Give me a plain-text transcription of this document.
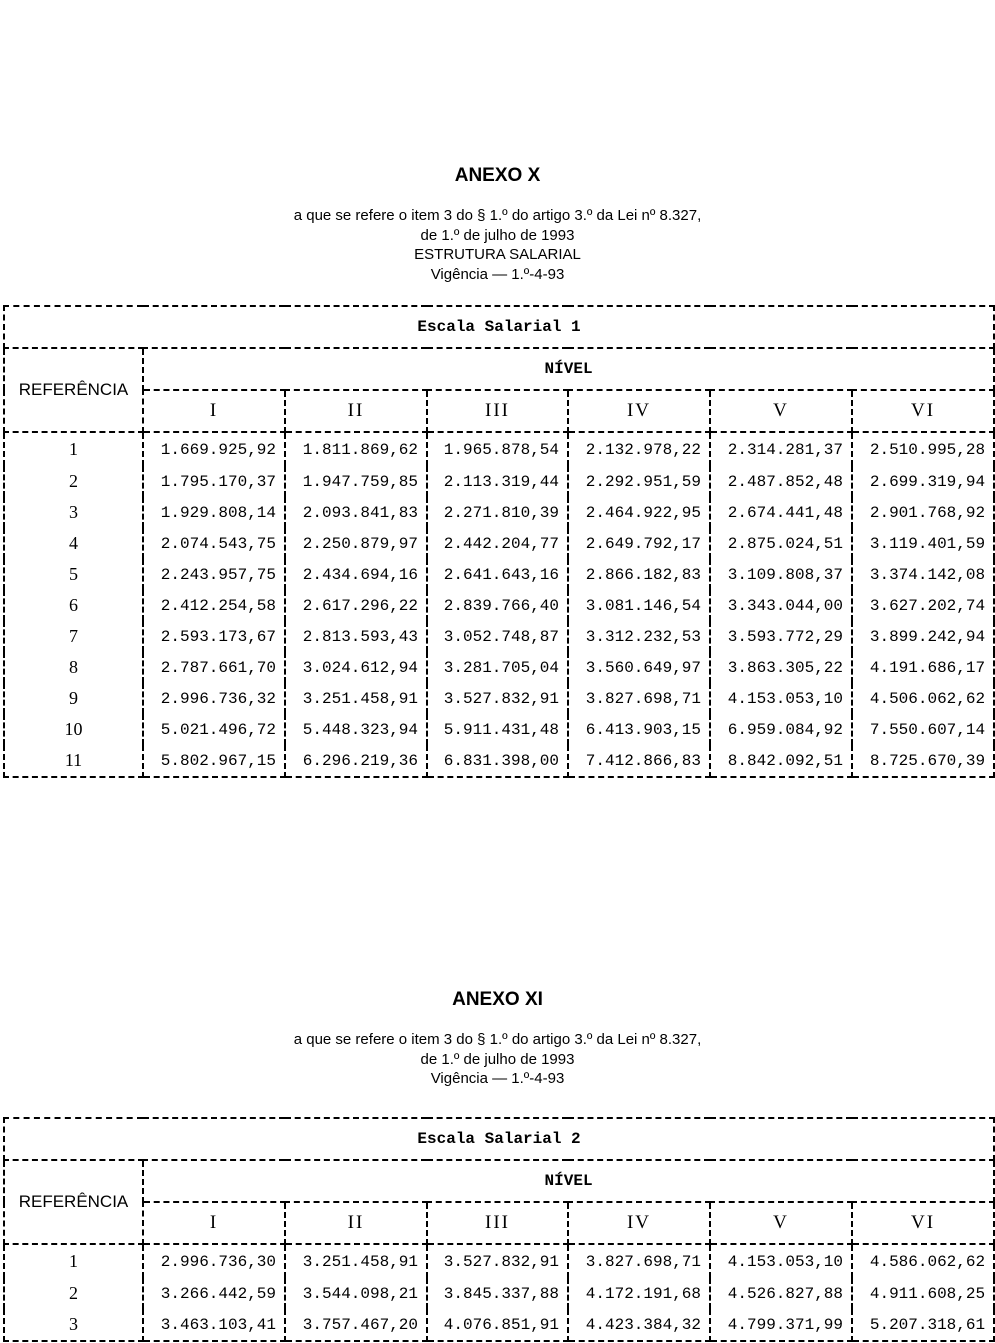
ANEXO X
a que se refere o item 3 do § 1.º do artigo 3.º da Lei nº 8.327,
de 1.º de julho de 1993
ESTRUTURA SALARIAL
Vigência — 1.º-4-93
Escala Salarial 1						
REFERÊNCIA	NÍVEL					
	I	II	III	IV	V	VI
1	1.669.925,92	1.811.869,62	1.965.878,54	2.132.978,22	2.314.281,37	2.510.995,28
2	1.795.170,37	1.947.759,85	2.113.319,44	2.292.951,59	2.487.852,48	2.699.319,94
3	1.929.808,14	2.093.841,83	2.271.810,39	2.464.922,95	2.674.441,48	2.901.768,92
4	2.074.543,75	2.250.879,97	2.442.204,77	2.649.792,17	2.875.024,51	3.119.401,59
5	2.243.957,75	2.434.694,16	2.641.643,16	2.866.182,83	3.109.808,37	3.374.142,08
6	2.412.254,58	2.617.296,22	2.839.766,40	3.081.146,54	3.343.044,00	3.627.202,74
7	2.593.173,67	2.813.593,43	3.052.748,87	3.312.232,53	3.593.772,29	3.899.242,94
8	2.787.661,70	3.024.612,94	3.281.705,04	3.560.649,97	3.863.305,22	4.191.686,17
9	2.996.736,32	3.251.458,91	3.527.832,91	3.827.698,71	4.153.053,10	4.506.062,62
10	5.021.496,72	5.448.323,94	5.911.431,48	6.413.903,15	6.959.084,92	7.550.607,14
11	5.802.967,15	6.296.219,36	6.831.398,00	7.412.866,83	8.842.092,51	8.725.670,39
ANEXO XI
a que se refere o item 3 do § 1.º do artigo 3.º da Lei nº 8.327,
de 1.º de julho de 1993
Vigência — 1.º-4-93
Escala Salarial 2						
REFERÊNCIA	NÍVEL					
	I	II	III	IV	V	VI
1	2.996.736,30	3.251.458,91	3.527.832,91	3.827.698,71	4.153.053,10	4.586.062,62
2	3.266.442,59	3.544.098,21	3.845.337,88	4.172.191,68	4.526.827,88	4.911.608,25
3	3.463.103,41	3.757.467,20	4.076.851,91	4.423.384,32	4.799.371,99	5.207.318,61
